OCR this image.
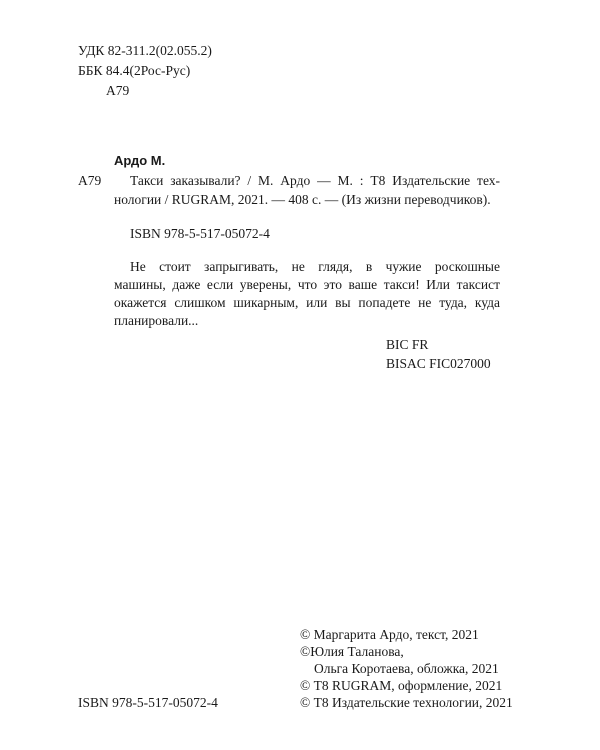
УДК 82-311.2(02.055.2)
ББК 84.4(2Рос-Рус)
А79
Ардо М.
А79 Такси заказывали? / М. Ардо — М. : Т8 Издательские тех-
нологии / RUGRAM, 2021. — 408 с. — (Из жизни переводчиков).
ISBN 978-5-517-05072-4
Не стоит запрыгивать, не глядя, в чужие роскошные
машины, даже если уверены, что это ваше такси! Или таксист
окажется слишком шикарным, или вы попадете не туда, куда
планировали...
BIC FR
BISAC FIC027000
© Маргарита Ардо, текст, 2021
©Юлия Таланова,
Ольга Коротаева, обложка, 2021
© Т8 RUGRAM, оформление, 2021
ISBN 978-5-517-05072-4	© Т8 Издательские технологии, 2021
